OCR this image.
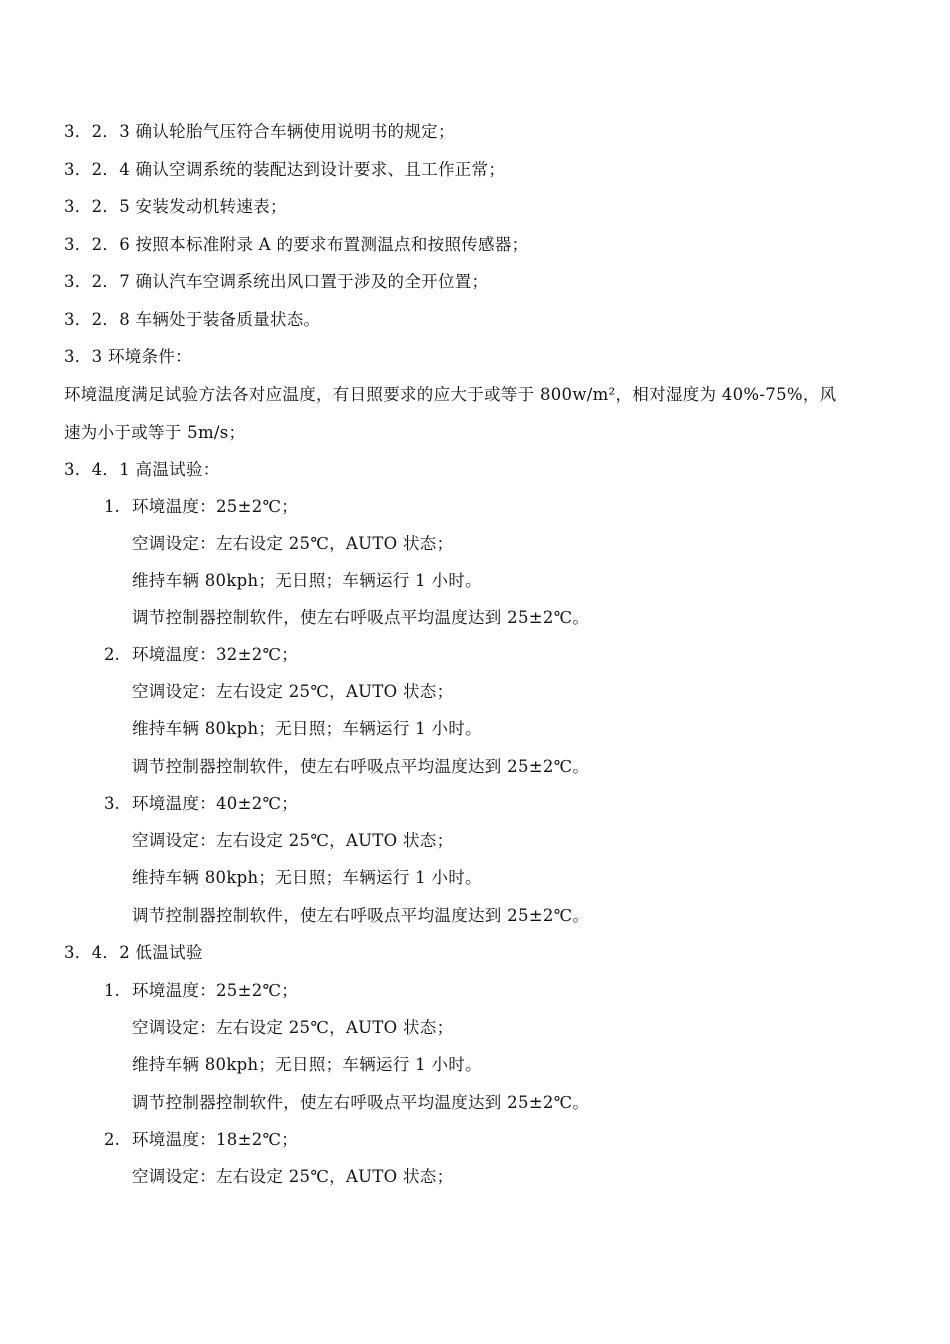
3．2．3 确认轮胎气压符合车辆使用说明书的规定；
3．2．4 确认空调系统的装配达到设计要求、且工作正常；
3．2．5 安装发动机转速表；
3．2．6 按照本标准附录 A 的要求布置测温点和按照传感器；
3．2．7 确认汽车空调系统出风口置于涉及的全开位置；
3．2．8 车辆处于装备质量状态。
3．3 环境条件：
环境温度满足试验方法各对应温度，有日照要求的应大于或等于 800w/m²，相对湿度为 40%-75%，风
速为小于或等于 5m/s；
3．4．1 高温试验：
1. 环境温度：25±2℃；
空调设定：左右设定 25℃，AUTO 状态；
维持车辆 80kph；无日照；车辆运行 1 小时。
调节控制器控制软件，使左右呼吸点平均温度达到 25±2℃。
2. 环境温度：32±2℃；
空调设定：左右设定 25℃，AUTO 状态；
维持车辆 80kph；无日照；车辆运行 1 小时。
调节控制器控制软件，使左右呼吸点平均温度达到 25±2℃。
3. 环境温度：40±2℃；
空调设定：左右设定 25℃，AUTO 状态；
维持车辆 80kph；无日照；车辆运行 1 小时。
调节控制器控制软件，使左右呼吸点平均温度达到 25±2℃。
3．4．2 低温试验
1. 环境温度：25±2℃；
空调设定：左右设定 25℃，AUTO 状态；
维持车辆 80kph；无日照；车辆运行 1 小时。
调节控制器控制软件，使左右呼吸点平均温度达到 25±2℃。
2. 环境温度：18±2℃；
空调设定：左右设定 25℃，AUTO 状态；
